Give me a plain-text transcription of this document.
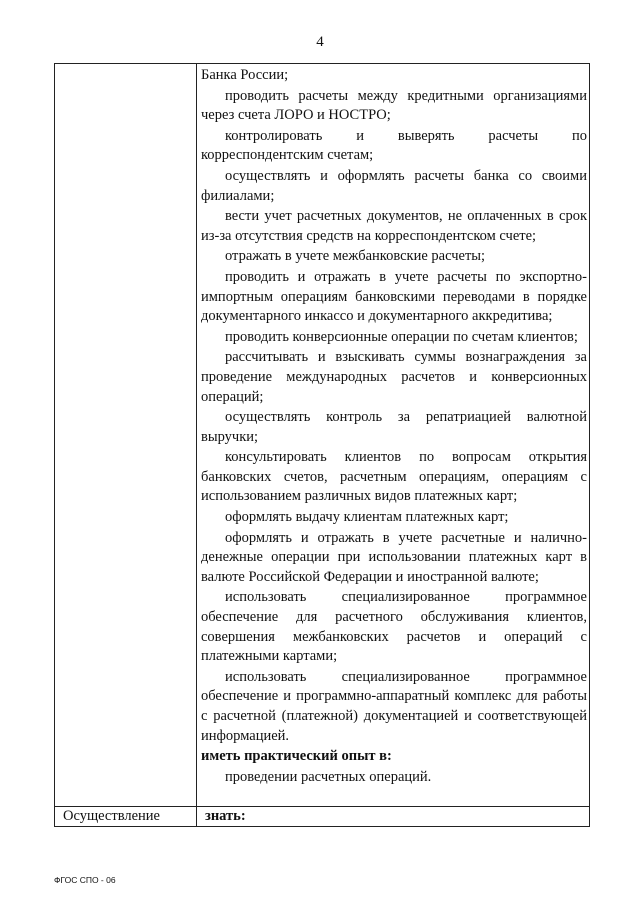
4

Банка России;

проводить расчеты между кредитными организациями через счета ЛОРО и НОСТРО;

контролировать и выверять расчеты по корреспондентским счетам;

осуществлять и оформлять расчеты банка со своими филиалами;

вести учет расчетных документов, не оплаченных в срок из-за отсутствия средств на корреспондентском счете;

отражать в учете межбанковские расчеты;

проводить и отражать в учете расчеты по экспортно-импортным операциям банковскими переводами в порядке документарного инкассо и документарного аккредитива;

проводить конверсионные операции по счетам клиентов;

рассчитывать и взыскивать суммы вознаграждения за проведение международных расчетов и конверсионных операций;

осуществлять контроль за репатриацией валютной выручки;

консультировать клиентов по вопросам открытия банковских счетов, расчетным операциям, операциям с использованием различных видов платежных карт;

оформлять выдачу клиентам платежных карт;

оформлять и отражать в учете расчетные и налично-денежные операции при использовании платежных карт в валюте Российской Федерации и иностранной валюте;

использовать специализированное программное обеспечение для расчетного обслуживания клиентов, совершения межбанковских расчетов и операций с платежными картами;

использовать специализированное программное обеспечение и программно-аппаратный комплекс для работы с расчетной (платежной) документацией и соответствующей информацией.

иметь практический опыт в:

проведении расчетных операций.

Осуществление	знать:
ФГОС СПО - 06
